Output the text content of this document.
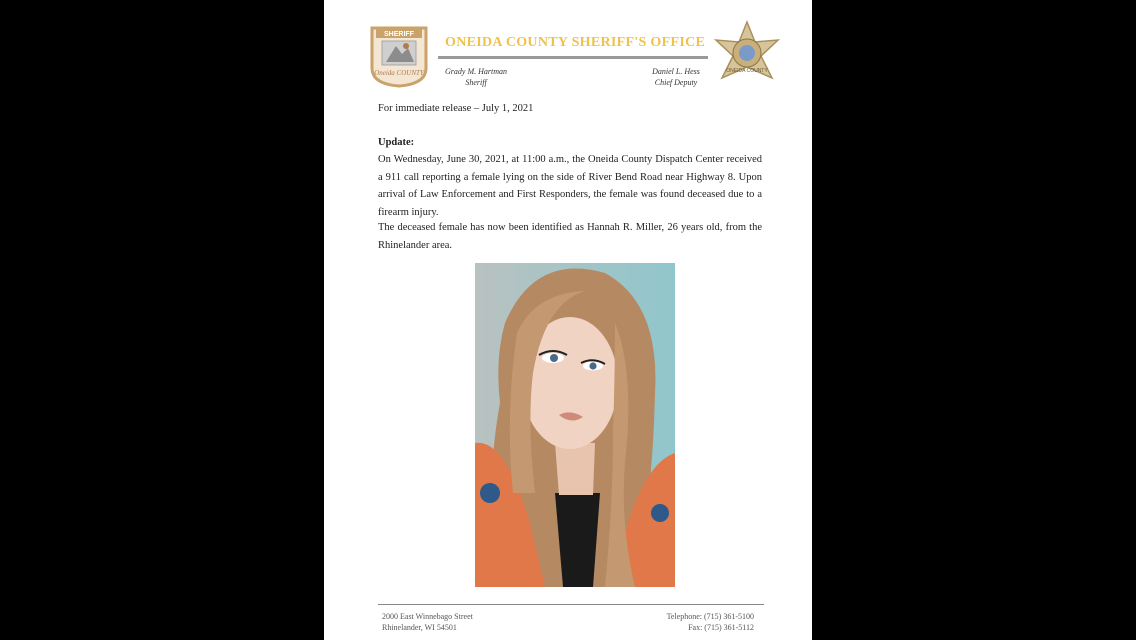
SHERIFF
Oneida COUNTY
ONEIDA COUNTY SHERIFF'S OFFICE
Grady M. Hartman
Sheriff
Daniel L. Hess
Chief Deputy
ONEIDA COUNTY
For immediate release – July 1, 2021
Update:
On Wednesday, June 30, 2021, at 11:00 a.m., the Oneida County Dispatch Center received a 911 call reporting a female lying on the side of River Bend Road near Highway 8. Upon arrival of Law Enforcement and First Responders, the female was found deceased due to a firearm injury.
The deceased female has now been identified as Hannah R. Miller, 26 years old, from the Rhinelander area.
2000 East Winnebago Street
Rhinelander, WI 54501
Telephone: (715) 361-5100
Fax: (715) 361-5112
